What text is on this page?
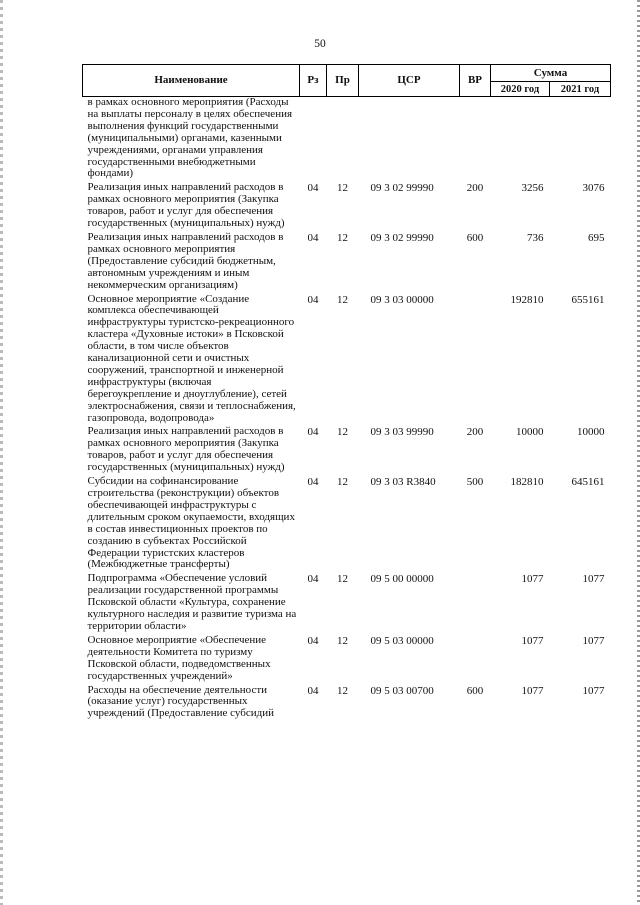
50
Наименование	Рз	Пр	ЦСР	ВР	Сумма	
					2020 год	2021 год
в рамках основного мероприятия (Расходы на выплаты персоналу в целях обеспечения выполнения функций государственными (муниципальными) органами, казенными учреждениями, органами управления государственными внебюджетными фондами)						
Реализация иных направлений расходов в рамках основного мероприятия (Закупка товаров, работ и услуг для обеспечения государственных (муниципальных) нужд)	04	12	09 3 02 99990	200	3256	3076
Реализация иных направлений расходов в рамках основного мероприятия (Предоставление субсидий бюджетным, автономным учреждениям и иным некоммерческим организациям)	04	12	09 3 02 99990	600	736	695
Основное мероприятие «Создание комплекса обеспечивающей инфраструктуры туристско-рекреационного кластера «Духовные истоки» в Псковской области, в том числе объектов канализационной сети и очистных сооружений, транспортной и инженерной инфраструктуры (включая берегоукрепление и дноуглубление), сетей электроснабжения, связи и теплоснабжения, газопровода, водопровода»	04	12	09 3 03 00000		192810	655161
Реализация иных направлений расходов в рамках основного мероприятия (Закупка товаров, работ и услуг для обеспечения государственных (муниципальных) нужд)	04	12	09 3 03 99990	200	10000	10000
Субсидии на софинансирование строительства (реконструкции) объектов обеспечивающей инфраструктуры с длительным сроком окупаемости, входящих в состав инвестиционных проектов по созданию в субъектах Российской Федерации туристских кластеров (Межбюджетные трансферты)	04	12	09 3 03 R3840	500	182810	645161
Подпрограмма «Обеспечение условий реализации государственной программы Псковской области «Культура, сохранение культурного наследия и развитие туризма на территории области»	04	12	09 5 00 00000		1077	1077
Основное мероприятие «Обеспечение деятельности Комитета по туризму Псковской области, подведомственных государственных учреждений»	04	12	09 5 03 00000		1077	1077
Расходы на обеспечение деятельности (оказание услуг) государственных учреждений (Предоставление субсидий	04	12	09 5 03 00700	600	1077	1077
